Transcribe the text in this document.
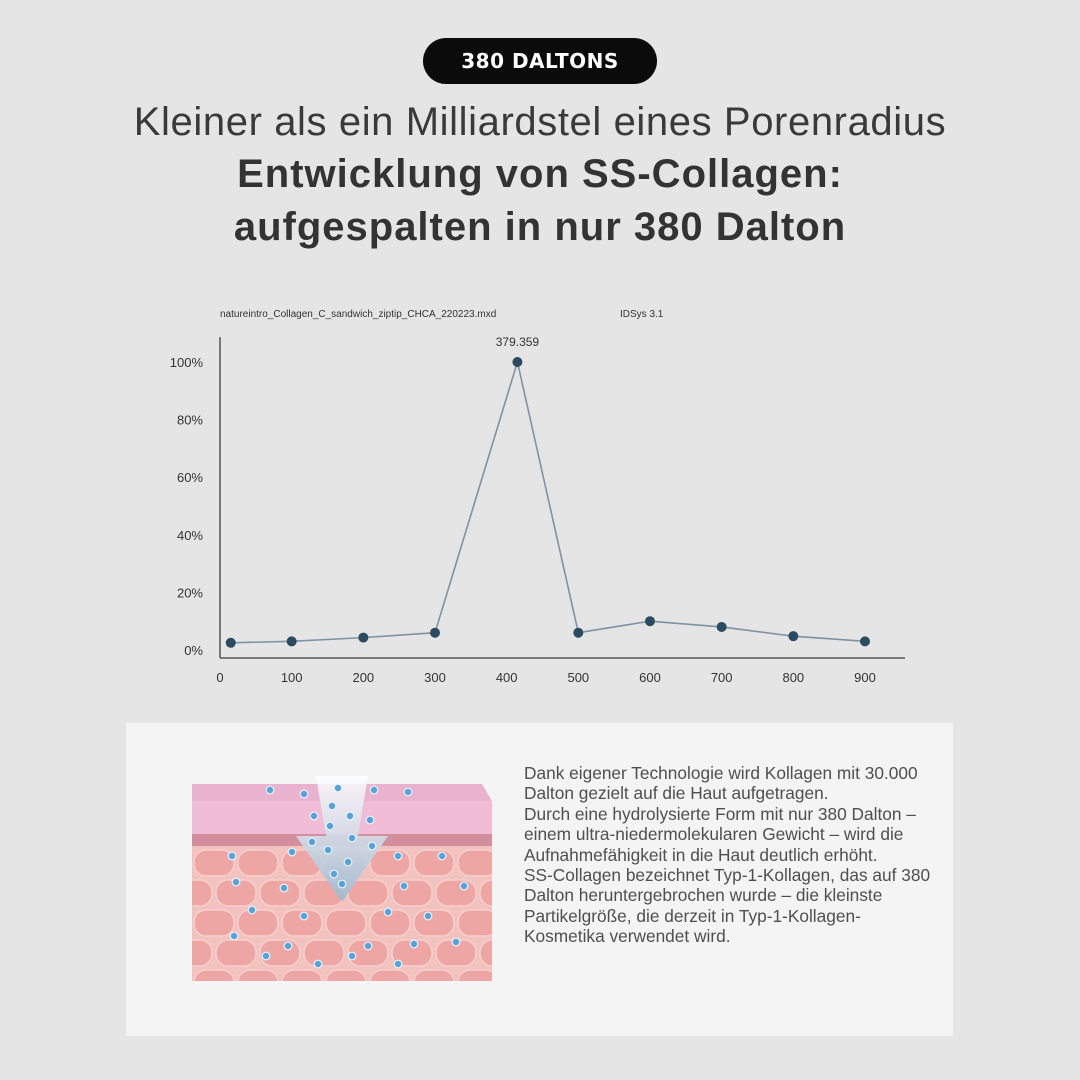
380 DALTONS
Kleiner als ein Milliardstel eines Porenradius
Entwicklung von SS-Collagen:
aufgespalten in nur 380 Dalton
natureintro_Collagen_C_sandwich_ziptip_CHCA_220223.mxd	IDSys 3.1
0%
20%
40%
60%
80%
100%
0	100	200	300	400	500	600	700	800	900
379.359

Dank eigener Technologie wird Kollagen mit 30.000 Dalton gezielt auf die Haut aufgetragen.

Durch eine hydrolysierte Form mit nur 380 Dalton – einem ultra-niedermolekularen Gewicht – wird die Aufnahmefähigkeit in die Haut deutlich erhöht.

SS-Collagen bezeichnet Typ-1-Kollagen, das auf 380 Dalton heruntergebrochen wurde – die kleinste Partikelgröße, die derzeit in Typ-1-Kollagen-Kosmetika verwendet wird.
